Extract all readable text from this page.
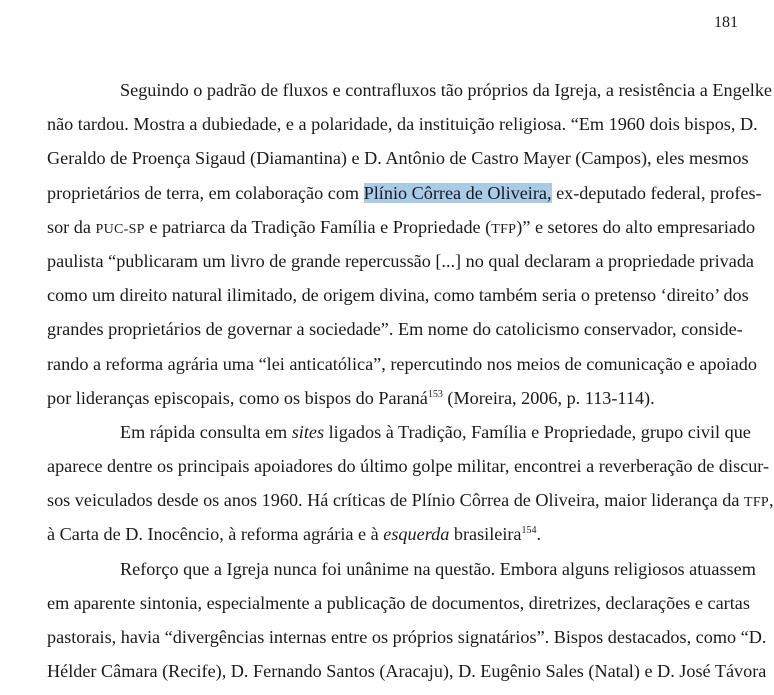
181
Seguindo o padrão de fluxos e contrafluxos tão próprios da Igreja, a resistência a Engelke
não tardou. Mostra a dubiedade, e a polaridade, da instituição religiosa. “Em 1960 dois bispos, D.
Geraldo de Proença Sigaud (Diamantina) e D. Antônio de Castro Mayer (Campos), eles mesmos
proprietários de terra, em colaboração com Plínio Côrrea de Oliveira, ex-deputado federal, profes-
sor da PUC-SP e patriarca da Tradição Família e Propriedade (TFP)” e setores do alto empresariado
paulista “publicaram um livro de grande repercussão [...] no qual declaram a propriedade privada
como um direito natural ilimitado, de origem divina, como também seria o pretenso ‘direito’ dos
grandes proprietários de governar a sociedade”. Em nome do catolicismo conservador, conside-
rando a reforma agrária uma “lei anticatólica”, repercutindo nos meios de comunicação e apoiado
por lideranças episcopais, como os bispos do Paraná$^{153}$ (Moreira, 2006, p. 113-114).
Em rápida consulta em sites ligados à Tradição, Família e Propriedade, grupo civil que
aparece dentre os principais apoiadores do último golpe militar, encontrei a reverberação de discur-
sos veiculados desde os anos 1960. Há críticas de Plínio Côrrea de Oliveira, maior liderança da TFP,
à Carta de D. Inocêncio, à reforma agrária e à esquerda brasileira$^{154}$.
Reforço que a Igreja nunca foi unânime na questão. Embora alguns religiosos atuassem
em aparente sintonia, especialmente a publicação de documentos, diretrizes, declarações e cartas
pastorais, havia “divergências internas entre os próprios signatários”. Bispos destacados, como “D.
Hélder Câmara (Recife), D. Fernando Santos (Aracaju), D. Eugênio Sales (Natal) e D. José Távora
